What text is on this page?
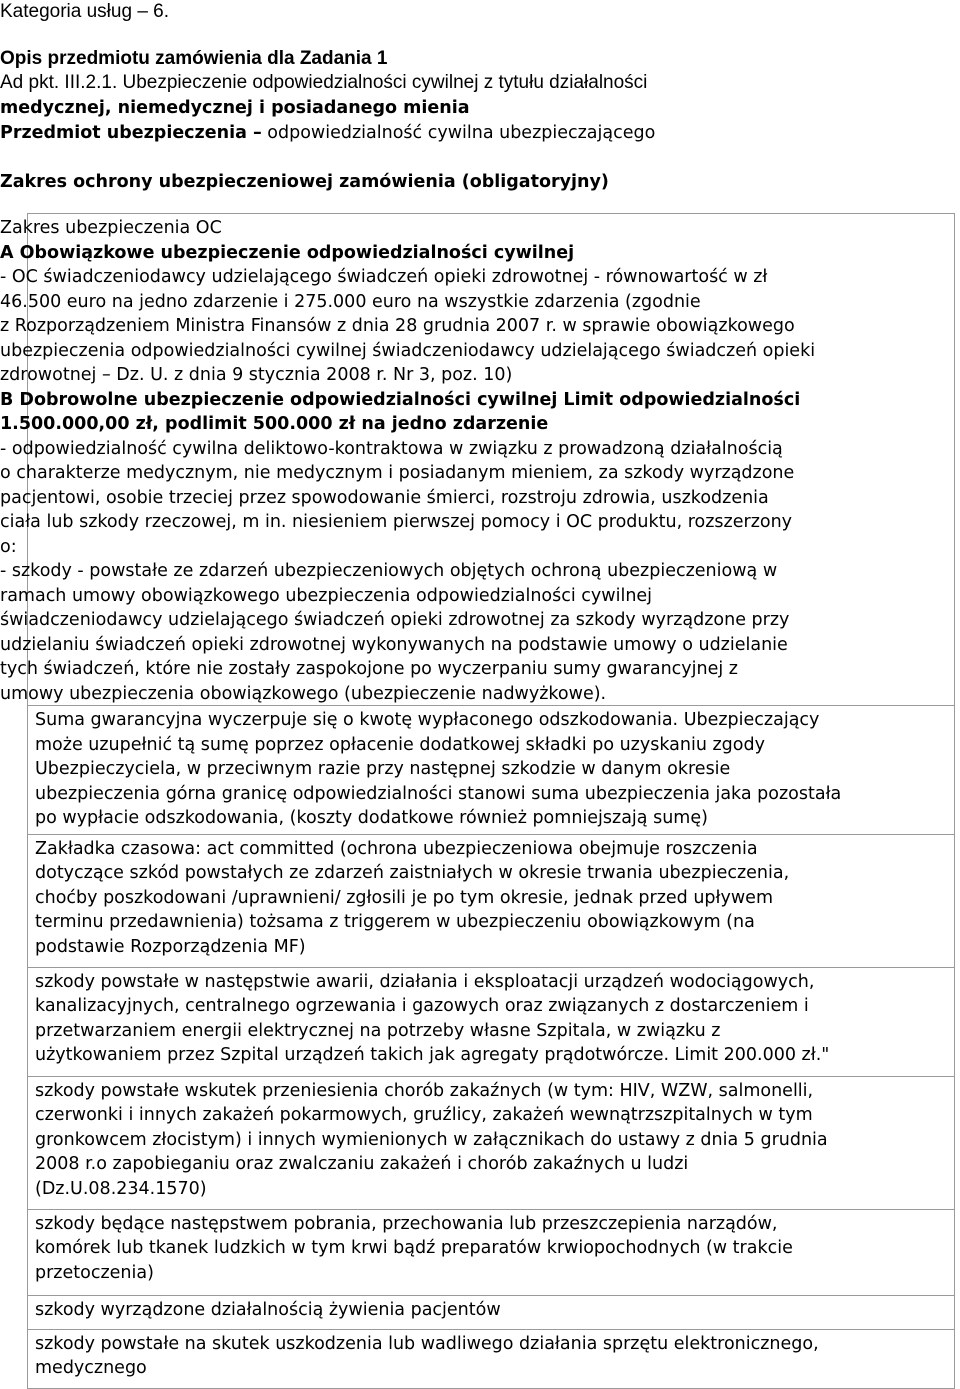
Kategoria usług – 6.
Opis przedmiotu zamówienia dla Zadania 1
Ad pkt. III.2.1. Ubezpieczenie odpowiedzialności cywilnej z tytułu działalności
medycznej, niemedycznej i posiadanego mienia
Przedmiot ubezpieczenia – odpowiedzialność cywilna ubezpieczającego
Zakres ochrony ubezpieczeniowej zamówienia (obligatoryjny)
Zakres ubezpieczenia OC
A Obowiązkowe ubezpieczenie odpowiedzialności cywilnej
- OC świadczeniodawcy udzielającego świadczeń opieki zdrowotnej - równowartość w zł
46.500 euro na jedno zdarzenie i 275.000 euro na wszystkie zdarzenia (zgodnie
z Rozporządzeniem Ministra Finansów z dnia 28 grudnia 2007 r. w sprawie obowiązkowego
ubezpieczenia odpowiedzialności cywilnej świadczeniodawcy udzielającego świadczeń opieki
zdrowotnej – Dz. U. z dnia 9 stycznia 2008 r. Nr 3, poz. 10)
B Dobrowolne ubezpieczenie odpowiedzialności cywilnej Limit odpowiedzialności
1.500.000,00 zł, podlimit 500.000 zł na jedno zdarzenie
- odpowiedzialność cywilna deliktowo-kontraktowa w związku z prowadzoną działalnością
o charakterze medycznym, nie medycznym i posiadanym mieniem, za szkody wyrządzone
pacjentowi, osobie trzeciej przez spowodowanie śmierci, rozstroju zdrowia, uszkodzenia
ciała lub szkody rzeczowej, m in. niesieniem pierwszej pomocy i OC produktu, rozszerzony
o:
- szkody - powstałe ze zdarzeń ubezpieczeniowych objętych ochroną ubezpieczeniową w
ramach umowy obowiązkowego ubezpieczenia odpowiedzialności cywilnej
świadczeniodawcy udzielającego świadczeń opieki zdrowotnej za szkody wyrządzone przy
udzielaniu świadczeń opieki zdrowotnej wykonywanych na podstawie umowy o udzielanie
tych świadczeń, które nie zostały zaspokojone po wyczerpaniu sumy gwarancyjnej z
umowy ubezpieczenia obowiązkowego (ubezpieczenie nadwyżkowe).
Suma gwarancyjna wyczerpuje się o kwotę wypłaconego odszkodowania. Ubezpieczający
może uzupełnić tą sumę poprzez opłacenie dodatkowej składki po uzyskaniu zgody
Ubezpieczyciela, w przeciwnym razie przy następnej szkodzie w danym okresie
ubezpieczenia górna granicę odpowiedzialności stanowi suma ubezpieczenia jaka pozostała
po wypłacie odszkodowania, (koszty dodatkowe również pomniejszają sumę)

Zakładka czasowa: act committed (ochrona ubezpieczeniowa obejmuje roszczenia
dotyczące szkód powstałych ze zdarzeń zaistniałych w okresie trwania ubezpieczenia,
choćby poszkodowani /uprawnieni/ zgłosili je po tym okresie, jednak przed upływem
terminu przedawnienia) tożsama z triggerem w ubezpieczeniu obowiązkowym (na
podstawie Rozporządzenia MF)

szkody powstałe w następstwie awarii, działania i eksploatacji urządzeń wodociągowych,
kanalizacyjnych, centralnego ogrzewania i gazowych oraz związanych z dostarczeniem i
przetwarzaniem energii elektrycznej na potrzeby własne Szpitala, w związku z
użytkowaniem przez Szpital urządzeń takich jak agregaty prądotwórcze. Limit 200.000 zł."

szkody powstałe wskutek przeniesienia chorób zakaźnych (w tym: HIV, WZW, salmonelli,
czerwonki i innych zakażeń pokarmowych, gruźlicy, zakażeń wewnątrzszpitalnych w tym
gronkowcem złocistym) i innych wymienionych w załącznikach do ustawy z dnia 5 grudnia
2008 r.o zapobieganiu oraz zwalczaniu zakażeń i chorób zakaźnych u ludzi
(Dz.U.08.234.1570)

szkody będące następstwem pobrania, przechowania lub przeszczepienia narządów,
komórek lub tkanek ludzkich w tym krwi bądź preparatów krwiopochodnych (w trakcie
przetoczenia)

szkody wyrządzone działalnością żywienia pacjentów

szkody powstałe na skutek uszkodzenia lub wadliwego działania sprzętu elektronicznego,
medycznego
